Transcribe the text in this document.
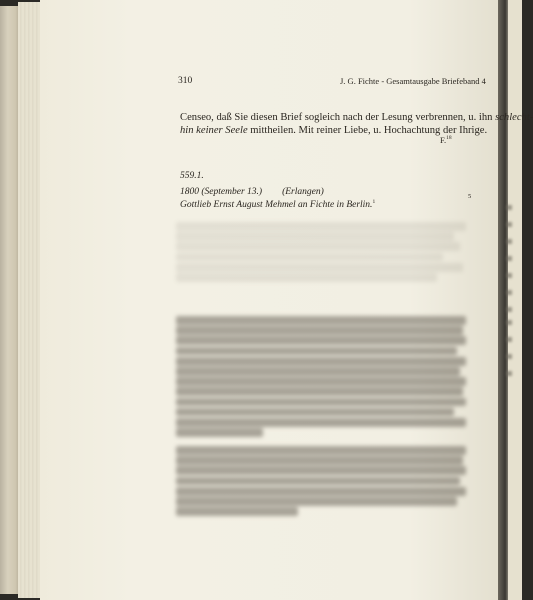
310	J. G. Fichte - Gesamtausgabe Briefeband 4
Censeo, daß Sie diesen Brief sogleich nach der Lesung verbrennen, u. ihn schlecht-
hin keiner Seele mittheilen. Mit reiner Liebe, u. Hochachtung der Ihrige.
F.$^{18}$
559.1.
1800 (September 13.) (Erlangen)
Gottlieb Ernst August Mehmel an Fichte in Berlin.$^1$
5
